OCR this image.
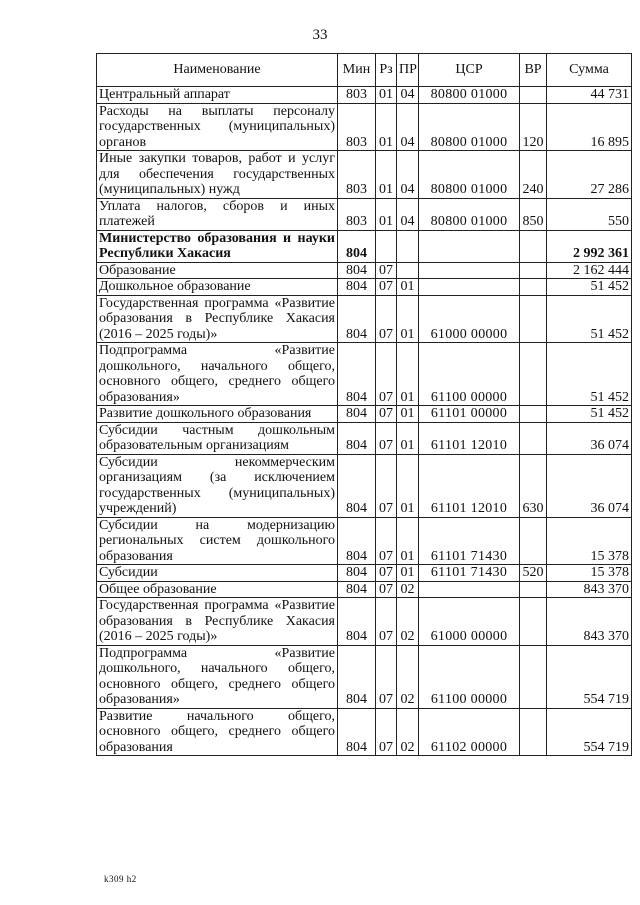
33
Наименование	Мин	Рз	ПР	ЦСР	ВР	Сумма
Центральный аппарат	803	01	04	80800 01000		44 731
Расходы на выплаты персоналу государственных (муниципальных) органов	803	01	04	80800 01000	120	16 895
Иные закупки товаров, работ и услуг для обеспечения государственных (муниципальных) нужд	803	01	04	80800 01000	240	27 286
Уплата налогов, сборов и иных платежей	803	01	04	80800 01000	850	550
Министерство образования и науки Республики Хакасия	804					2 992 361
Образование	804	07				2 162 444
Дошкольное образование	804	07	01			51 452
Государственная программа «Развитие образования в Республике Хакасия (2016 – 2025 годы)»	804	07	01	61000 00000		51 452
Подпрограмма «Развитие дошкольного, начального общего, основного общего, среднего общего образования»	804	07	01	61100 00000		51 452
Развитие дошкольного образования	804	07	01	61101 00000		51 452
Субсидии частным дошкольным образовательным организациям	804	07	01	61101 12010		36 074
Субсидии некоммерческим организациям (за исключением государственных (муниципальных) учреждений)	804	07	01	61101 12010	630	36 074
Субсидии на модернизацию региональных систем дошкольного образования	804	07	01	61101 71430		15 378
Субсидии	804	07	01	61101 71430	520	15 378
Общее образование	804	07	02			843 370
Государственная программа «Развитие образования в Республике Хакасия (2016 – 2025 годы)»	804	07	02	61000 00000		843 370
Подпрограмма «Развитие дошкольного, начального общего, основного общего, среднего общего образования»	804	07	02	61100 00000		554 719
Развитие начального общего, основного общего, среднего общего образования	804	07	02	61102 00000		554 719
k309 h2
